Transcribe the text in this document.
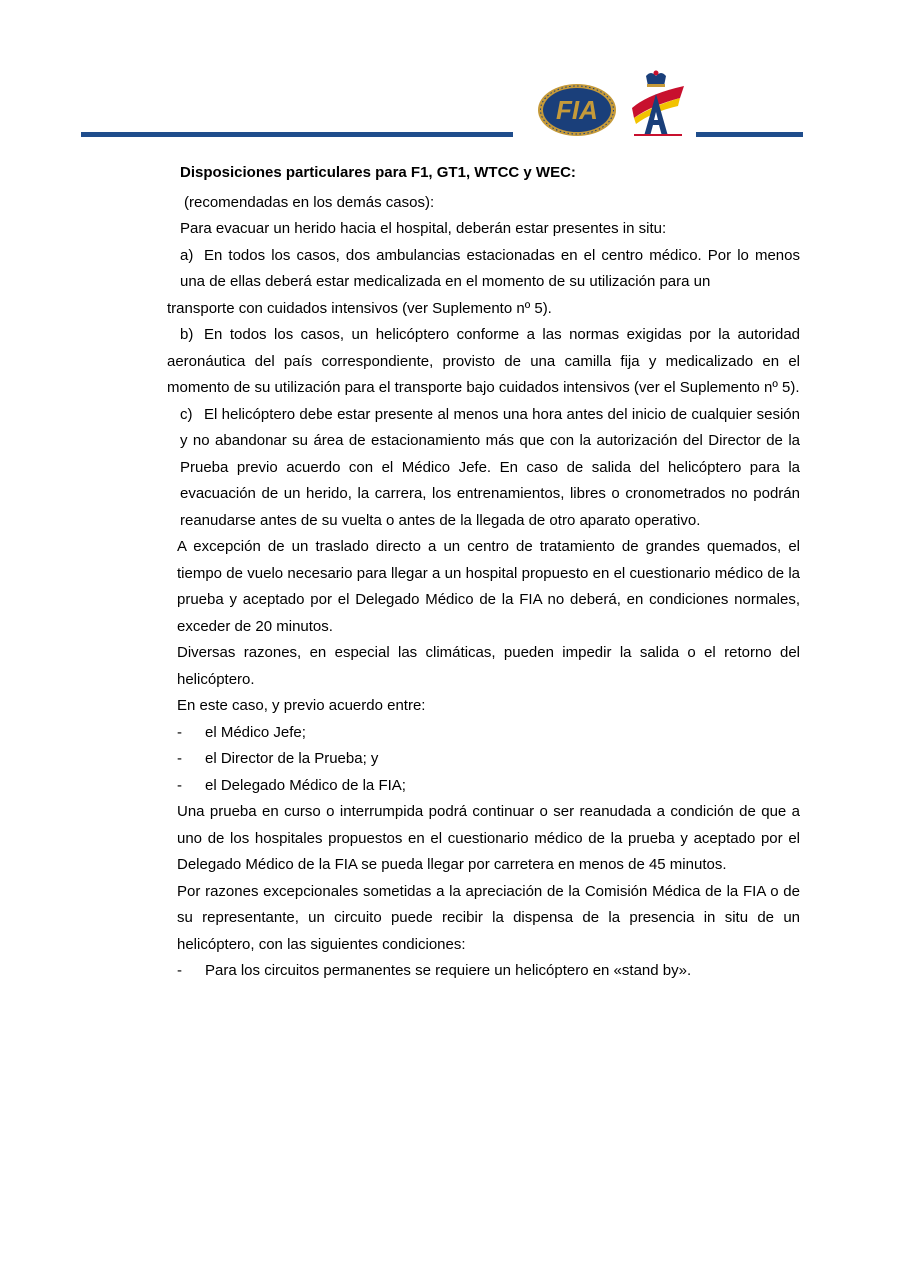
FIA

Disposiciones particulares para F1, GT1, WTCC y WEC:

(recomendadas en los demás casos):

Para evacuar un herido hacia el hospital, deberán estar presentes in situ:

a) En todos los casos, dos ambulancias estacionadas en el centro médico. Por lo menos una de ellas deberá estar medicalizada en el momento de su utilización para un

transporte con cuidados intensivos (ver Suplemento nº 5).

b) En todos los casos, un helicóptero conforme a las normas exigidas por la autoridad aeronáutica del país correspondiente, provisto de una camilla fija y medicalizado en el momento de su utilización para el transporte bajo cuidados intensivos (ver el Suplemento nº 5).

c) El helicóptero debe estar presente al menos una hora antes del inicio de cualquier sesión y no abandonar su área de estacionamiento más que con la autorización del Director de la Prueba previo acuerdo con el Médico Jefe. En caso de salida del helicóptero para la evacuación de un herido, la carrera, los entrenamientos, libres o cronometrados no podrán reanudarse antes de su vuelta o antes de la llegada de otro aparato operativo.

A excepción de un traslado directo a un centro de tratamiento de grandes quemados, el tiempo de vuelo necesario para llegar a un hospital propuesto en el cuestionario médico de la prueba y aceptado por el Delegado Médico de la FIA no deberá, en condiciones normales, exceder de 20 minutos.

Diversas razones, en especial las climáticas, pueden impedir la salida o el retorno del helicóptero.

En este caso, y previo acuerdo entre:

-	el Médico Jefe;
-	el Director de la Prueba; y
-	el Delegado Médico de la FIA;

Una prueba en curso o interrumpida podrá continuar o ser reanudada a condición de que a uno de los hospitales propuestos en el cuestionario médico de la prueba y aceptado por el Delegado Médico de la FIA se pueda llegar por carretera en menos de 45 minutos.

Por razones excepcionales sometidas a la apreciación de la Comisión Médica de la FIA o de su representante, un circuito puede recibir la dispensa de la presencia in situ de un helicóptero, con las siguientes condiciones:

-	Para los circuitos permanentes se requiere un helicóptero en «stand by».
